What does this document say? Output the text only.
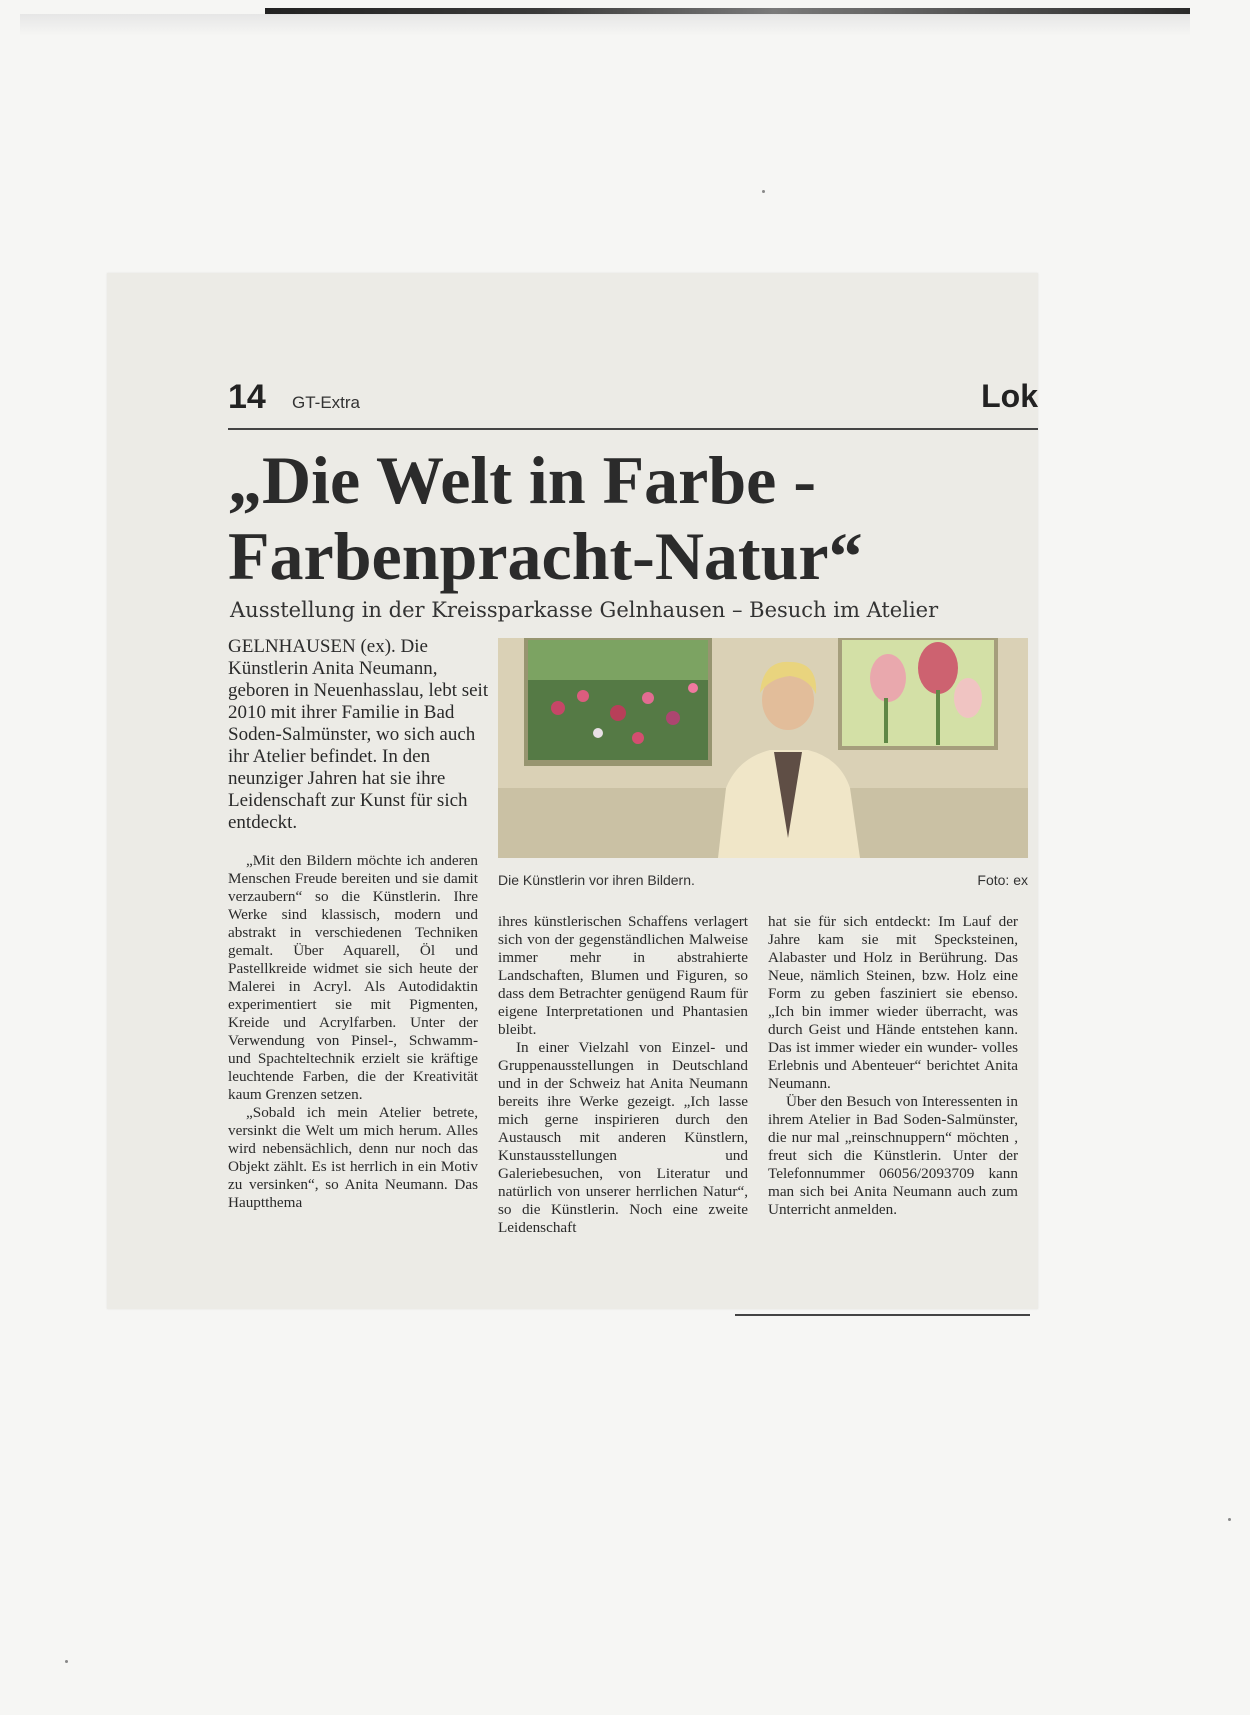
14 GT-Extra	Lok
„Die Welt in Farbe -
Farbenpracht-Natur“
Ausstellung in der Kreissparkasse Gelnhausen – Besuch im Atelier
GELNHAUSEN (ex). Die Künstlerin Anita Neumann, geboren in Neuenhasslau, lebt seit 2010 mit ihrer Familie in Bad Soden-Salmünster, wo sich auch ihr Atelier befindet. In den neunziger Jahren hat sie ihre Leidenschaft zur Kunst für sich entdeckt.
Die Künstlerin vor ihren Bildern.	Foto: ex

„Mit den Bildern möchte ich anderen Menschen Freude bereiten und sie damit verzaubern“ so die Künstlerin. Ihre Werke sind klassisch, modern und abstrakt in verschiedenen Techniken gemalt. Über Aquarell, Öl und Pastellkreide widmet sie sich heute der Malerei in Acryl. Als Autodidaktin experimentiert sie mit Pigmenten, Kreide und Acrylfarben. Unter der Verwendung von Pinsel-, Schwamm- und Spachteltechnik erzielt sie kräftige leuchtende Farben, die der Kreativität kaum Grenzen setzen.

„Sobald ich mein Atelier betrete, versinkt die Welt um mich herum. Alles wird nebensächlich, denn nur noch das Objekt zählt. Es ist herrlich in ein Motiv zu versinken“, so Anita Neumann. Das Hauptthema

ihres künstlerischen Schaffens verlagert sich von der gegenständlichen Malweise immer mehr in abstrahierte Landschaften, Blumen und Figuren, so dass dem Betrachter genügend Raum für eigene Interpretationen und Phantasien bleibt.

In einer Vielzahl von Einzel- und Gruppenausstellungen in Deutschland und in der Schweiz hat Anita Neumann bereits ihre Werke gezeigt. „Ich lasse mich gerne inspirieren durch den Austausch mit anderen Künstlern, Kunstausstellungen und Galeriebesuchen, von Literatur und natürlich von unserer herrlichen Natur“, so die Künstlerin. Noch eine zweite Leidenschaft

hat sie für sich entdeckt: Im Lauf der Jahre kam sie mit Specksteinen, Alabaster und Holz in Berührung. Das Neue, nämlich Steinen, bzw. Holz eine Form zu geben fasziniert sie ebenso. „Ich bin immer wieder überracht, was durch Geist und Hände entstehen kann. Das ist immer wieder ein wunder- volles Erlebnis und Abenteuer“ berichtet Anita Neumann.

Über den Besuch von Interessenten in ihrem Atelier in Bad Soden-Salmünster, die nur mal „reinschnuppern“ möchten , freut sich die Künstlerin. Unter der Telefonnummer 06056/2093709 kann man sich bei Anita Neumann auch zum Unterricht anmelden.
